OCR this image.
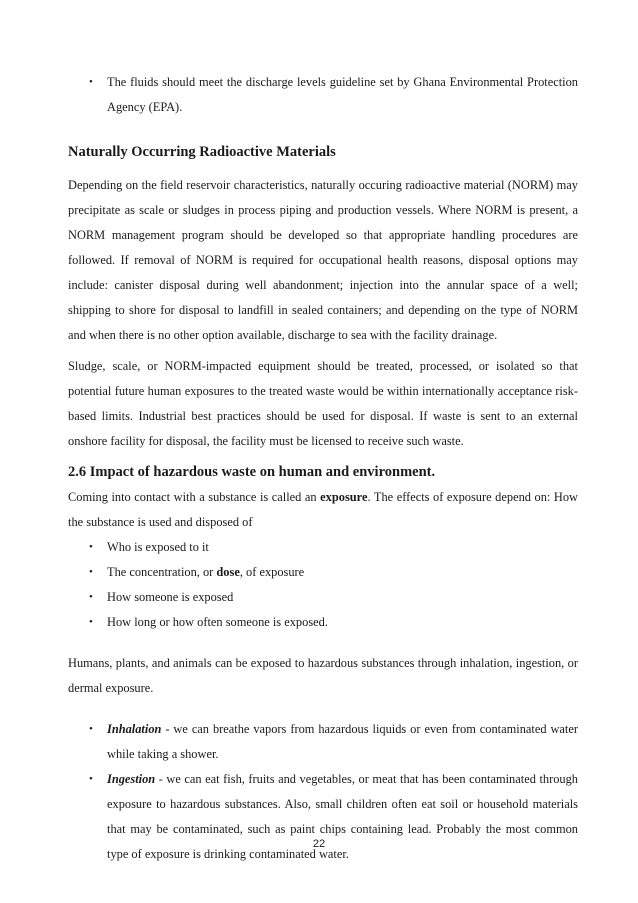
• The fluids should meet the discharge levels guideline set by Ghana Environmental Protection Agency (EPA).
Naturally Occurring Radioactive Materials

Depending on the field reservoir characteristics, naturally occuring radioactive material (NORM) may precipitate as scale or sludges in process piping and production vessels. Where NORM is present, a NORM management program should be developed so that appropriate handling procedures are followed. If removal of NORM is required for occupational health reasons, disposal options may include: canister disposal during well abandonment; injection into the annular space of a well; shipping to shore for disposal to landfill in sealed containers; and depending on the type of NORM and when there is no other option available, discharge to sea with the facility drainage.

Sludge, scale, or NORM-impacted equipment should be treated, processed, or isolated so that potential future human exposures to the treated waste would be within internationally acceptance risk-based limits. Industrial best practices should be used for disposal. If waste is sent to an external onshore facility for disposal, the facility must be licensed to receive such waste.

2.6 Impact of hazardous waste on human and environment.

Coming into contact with a substance is called an exposure. The effects of exposure depend on: How the substance is used and disposed of

• Who is exposed to it
• The concentration, or dose, of exposure
• How someone is exposed
• How long or how often someone is exposed.

Humans, plants, and animals can be exposed to hazardous substances through inhalation, ingestion, or dermal exposure.

• Inhalation - we can breathe vapors from hazardous liquids or even from contaminated water while taking a shower.
• Ingestion - we can eat fish, fruits and vegetables, or meat that has been contaminated through exposure to hazardous substances. Also, small children often eat soil or household materials that may be contaminated, such as paint chips containing lead. Probably the most common type of exposure is drinking contaminated water.
22
